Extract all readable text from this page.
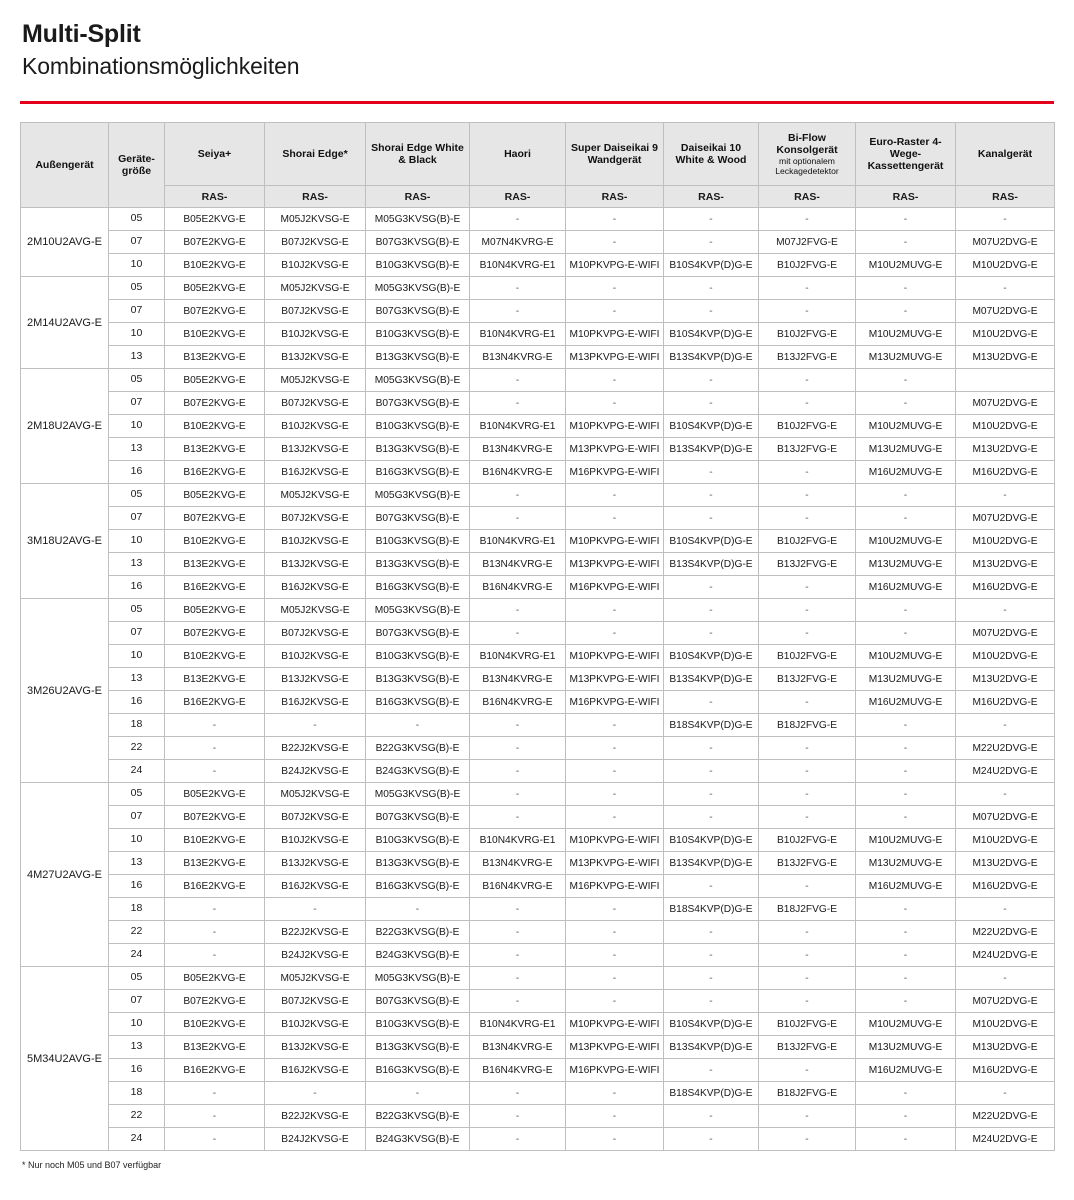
Multi-Split
Kombinationsmöglichkeiten
Außengerät	Geräte-größe	Seiya+	Shorai Edge*	Shorai Edge White & Black	Haori	Super Daiseikai 9 Wandgerät	Daiseikai 10 White & Wood	Bi-Flow Konsolgerät
mit optionalem Leckagedetektor	Euro-Raster 4-Wege-Kassettengerät	Kanalgerät
		RAS-	RAS-	RAS-	RAS-	RAS-	RAS-	RAS-	RAS-	RAS-
2M10U2AVG-E	05	B05E2KVG-E	M05J2KVSG-E	M05G3KVSG(B)-E	-	-	-	-	-	-
	07	B07E2KVG-E	B07J2KVSG-E	B07G3KVSG(B)-E	M07N4KVRG-E	-	-	M07J2FVG-E	-	M07U2DVG-E
	10	B10E2KVG-E	B10J2KVSG-E	B10G3KVSG(B)-E	B10N4KVRG-E1	M10PKVPG-E-WIFI	B10S4KVP(D)G-E	B10J2FVG-E	M10U2MUVG-E	M10U2DVG-E
2M14U2AVG-E	05	B05E2KVG-E	M05J2KVSG-E	M05G3KVSG(B)-E	-	-	-	-	-	-
	07	B07E2KVG-E	B07J2KVSG-E	B07G3KVSG(B)-E	-	-	-	-	-	M07U2DVG-E
	10	B10E2KVG-E	B10J2KVSG-E	B10G3KVSG(B)-E	B10N4KVRG-E1	M10PKVPG-E-WIFI	B10S4KVP(D)G-E	B10J2FVG-E	M10U2MUVG-E	M10U2DVG-E
	13	B13E2KVG-E	B13J2KVSG-E	B13G3KVSG(B)-E	B13N4KVRG-E	M13PKVPG-E-WIFI	B13S4KVP(D)G-E	B13J2FVG-E	M13U2MUVG-E	M13U2DVG-E
2M18U2AVG-E	05	B05E2KVG-E	M05J2KVSG-E	M05G3KVSG(B)-E	-	-	-	-	-	
	07	B07E2KVG-E	B07J2KVSG-E	B07G3KVSG(B)-E	-	-	-	-	-	M07U2DVG-E
	10	B10E2KVG-E	B10J2KVSG-E	B10G3KVSG(B)-E	B10N4KVRG-E1	M10PKVPG-E-WIFI	B10S4KVP(D)G-E	B10J2FVG-E	M10U2MUVG-E	M10U2DVG-E
	13	B13E2KVG-E	B13J2KVSG-E	B13G3KVSG(B)-E	B13N4KVRG-E	M13PKVPG-E-WIFI	B13S4KVP(D)G-E	B13J2FVG-E	M13U2MUVG-E	M13U2DVG-E
	16	B16E2KVG-E	B16J2KVSG-E	B16G3KVSG(B)-E	B16N4KVRG-E	M16PKVPG-E-WIFI	-	-	M16U2MUVG-E	M16U2DVG-E
3M18U2AVG-E	05	B05E2KVG-E	M05J2KVSG-E	M05G3KVSG(B)-E	-	-	-	-	-	-
	07	B07E2KVG-E	B07J2KVSG-E	B07G3KVSG(B)-E	-	-	-	-	-	M07U2DVG-E
	10	B10E2KVG-E	B10J2KVSG-E	B10G3KVSG(B)-E	B10N4KVRG-E1	M10PKVPG-E-WIFI	B10S4KVP(D)G-E	B10J2FVG-E	M10U2MUVG-E	M10U2DVG-E
	13	B13E2KVG-E	B13J2KVSG-E	B13G3KVSG(B)-E	B13N4KVRG-E	M13PKVPG-E-WIFI	B13S4KVP(D)G-E	B13J2FVG-E	M13U2MUVG-E	M13U2DVG-E
	16	B16E2KVG-E	B16J2KVSG-E	B16G3KVSG(B)-E	B16N4KVRG-E	M16PKVPG-E-WIFI	-	-	M16U2MUVG-E	M16U2DVG-E
3M26U2AVG-E	05	B05E2KVG-E	M05J2KVSG-E	M05G3KVSG(B)-E	-	-	-	-	-	-
	07	B07E2KVG-E	B07J2KVSG-E	B07G3KVSG(B)-E	-	-	-	-	-	M07U2DVG-E
	10	B10E2KVG-E	B10J2KVSG-E	B10G3KVSG(B)-E	B10N4KVRG-E1	M10PKVPG-E-WIFI	B10S4KVP(D)G-E	B10J2FVG-E	M10U2MUVG-E	M10U2DVG-E
	13	B13E2KVG-E	B13J2KVSG-E	B13G3KVSG(B)-E	B13N4KVRG-E	M13PKVPG-E-WIFI	B13S4KVP(D)G-E	B13J2FVG-E	M13U2MUVG-E	M13U2DVG-E
	16	B16E2KVG-E	B16J2KVSG-E	B16G3KVSG(B)-E	B16N4KVRG-E	M16PKVPG-E-WIFI	-	-	M16U2MUVG-E	M16U2DVG-E
	18	-	-	-	-	-	B18S4KVP(D)G-E	B18J2FVG-E	-	-
	22	-	B22J2KVSG-E	B22G3KVSG(B)-E	-	-	-	-	-	M22U2DVG-E
	24	-	B24J2KVSG-E	B24G3KVSG(B)-E	-	-	-	-	-	M24U2DVG-E
4M27U2AVG-E	05	B05E2KVG-E	M05J2KVSG-E	M05G3KVSG(B)-E	-	-	-	-	-	-
	07	B07E2KVG-E	B07J2KVSG-E	B07G3KVSG(B)-E	-	-	-	-	-	M07U2DVG-E
	10	B10E2KVG-E	B10J2KVSG-E	B10G3KVSG(B)-E	B10N4KVRG-E1	M10PKVPG-E-WIFI	B10S4KVP(D)G-E	B10J2FVG-E	M10U2MUVG-E	M10U2DVG-E
	13	B13E2KVG-E	B13J2KVSG-E	B13G3KVSG(B)-E	B13N4KVRG-E	M13PKVPG-E-WIFI	B13S4KVP(D)G-E	B13J2FVG-E	M13U2MUVG-E	M13U2DVG-E
	16	B16E2KVG-E	B16J2KVSG-E	B16G3KVSG(B)-E	B16N4KVRG-E	M16PKVPG-E-WIFI	-	-	M16U2MUVG-E	M16U2DVG-E
	18	-	-	-	-	-	B18S4KVP(D)G-E	B18J2FVG-E	-	-
	22	-	B22J2KVSG-E	B22G3KVSG(B)-E	-	-	-	-	-	M22U2DVG-E
	24	-	B24J2KVSG-E	B24G3KVSG(B)-E	-	-	-	-	-	M24U2DVG-E
5M34U2AVG-E	05	B05E2KVG-E	M05J2KVSG-E	M05G3KVSG(B)-E	-	-	-	-	-	-
	07	B07E2KVG-E	B07J2KVSG-E	B07G3KVSG(B)-E	-	-	-	-	-	M07U2DVG-E
	10	B10E2KVG-E	B10J2KVSG-E	B10G3KVSG(B)-E	B10N4KVRG-E1	M10PKVPG-E-WIFI	B10S4KVP(D)G-E	B10J2FVG-E	M10U2MUVG-E	M10U2DVG-E
	13	B13E2KVG-E	B13J2KVSG-E	B13G3KVSG(B)-E	B13N4KVRG-E	M13PKVPG-E-WIFI	B13S4KVP(D)G-E	B13J2FVG-E	M13U2MUVG-E	M13U2DVG-E
	16	B16E2KVG-E	B16J2KVSG-E	B16G3KVSG(B)-E	B16N4KVRG-E	M16PKVPG-E-WIFI	-	-	M16U2MUVG-E	M16U2DVG-E
	18	-	-	-	-	-	B18S4KVP(D)G-E	B18J2FVG-E	-	-
	22	-	B22J2KVSG-E	B22G3KVSG(B)-E	-	-	-	-	-	M22U2DVG-E
	24	-	B24J2KVSG-E	B24G3KVSG(B)-E	-	-	-	-	-	M24U2DVG-E
* Nur noch M05 und B07 verfügbar
